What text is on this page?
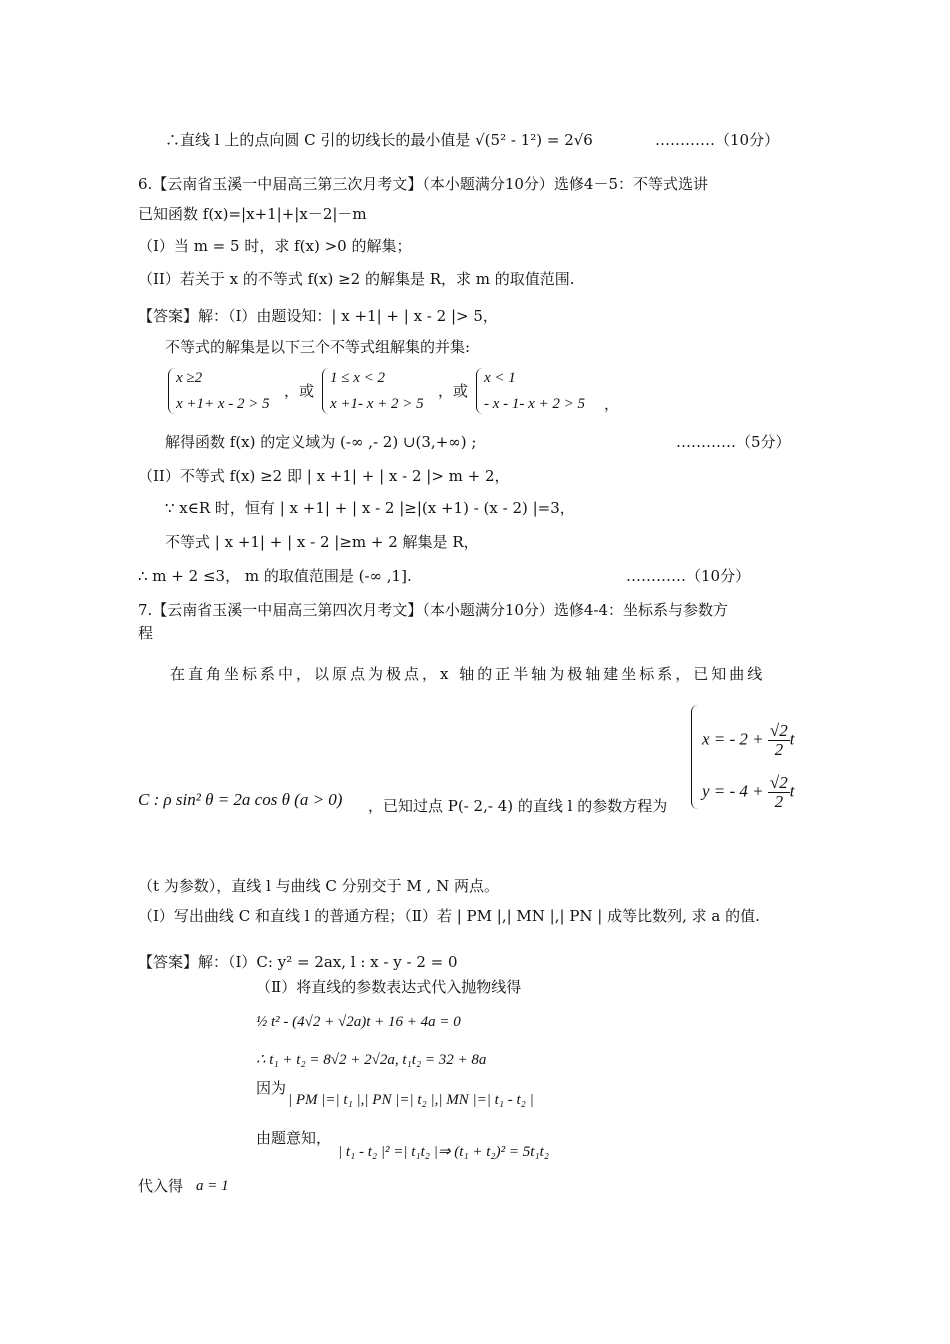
∴直线 l 上的点向圆 C 引的切线长的最小值是 √(5² - 1²) = 2√6	…………（10分）
6.【云南省玉溪一中届高三第三次月考文】（本小题满分10分）选修4－5：不等式选讲
已知函数 f(x)=|x+1|+|x－2|－m
（I）当 m = 5 时，求 f(x) >0 的解集；
（II）若关于 x 的不等式 f(x) ≥2 的解集是 R，求 m 的取值范围.
【答案】解：（I）由题设知：| x +1| + | x - 2 |> 5，
不等式的解集是以下三个不等式组解集的并集:
x ≥2
x +1+ x - 2 > 5
，或
1 ≤ x < 2
x +1- x + 2 > 5
，或
x < 1
- x - 1- x + 2 > 5 ，
解得函数 f(x) 的定义域为 (-∞ ,- 2) ∪(3,+∞) ;	…………（5分）
（II）不等式 f(x) ≥2 即 | x +1| + | x - 2 |> m + 2，
∵ x∈R 时，恒有 | x +1| + | x - 2 |≥|(x +1) - (x - 2) |=3，
不等式 | x +1| + | x - 2 |≥m + 2 解集是 R，
∴ m + 2 ≤3， m 的取值范围是 (-∞ ,1].	…………（10分）
7.【云南省玉溪一中届高三第四次月考文】（本小题满分10分）选修4-4：坐标系与参数方
程
在直角坐标系中，以原点为极点，x 轴的正半轴为极轴建坐标系，已知曲线
C : ρ sin² θ = 2a cos θ (a > 0) ，已知过点 P(- 2,- 4) 的直线 l 的参数方程为
x = - $2 + \frac{√2}{2}$ t
y = - $4 + \frac{√2}{2}$ t
（t 为参数），直线 l 与曲线 C 分别交于 M , N 两点。
（Ⅰ）写出曲线 C 和直线 l 的普通方程；（Ⅱ）若 | PM |,| MN |,| PN | 成等比数列, 求 a 的值.
【答案】解：（Ⅰ）C: y² = 2ax, l : x - y - 2 = 0
（Ⅱ）将直线的参数表达式代入抛物线得
½ t² - (4√2 + √2a)t + 16 + 4a = 0
∴ t₁ + t₂ = 8√2 + 2√2a, t₁t₂ = 32 + 8a
因为
| PM |=| t₁ |,| PN |=| t₂ |,| MN |=| t₁ - t₂ |
由题意知，
| t₁ - t₂ |² =| t₁t₂ |⇒ (t₁ + t₂)² = 5t₁t₂
代入得 a = 1
